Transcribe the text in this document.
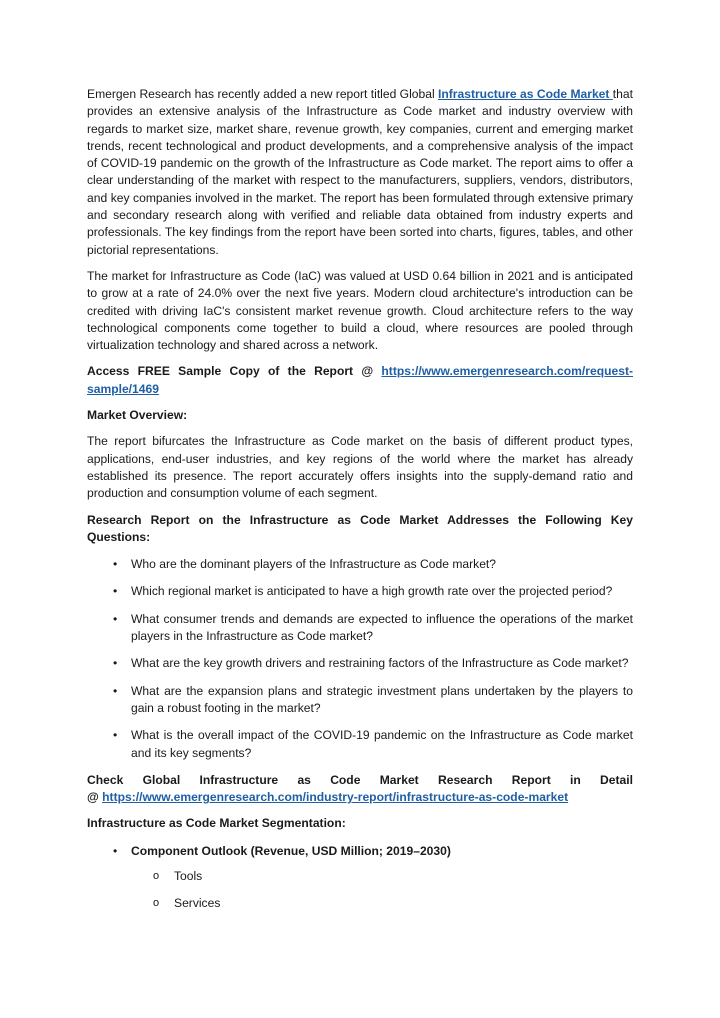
Emergen Research has recently added a new report titled Global Infrastructure as Code Market that provides an extensive analysis of the Infrastructure as Code market and industry overview with regards to market size, market share, revenue growth, key companies, current and emerging market trends, recent technological and product developments, and a comprehensive analysis of the impact of COVID-19 pandemic on the growth of the Infrastructure as Code market. The report aims to offer a clear understanding of the market with respect to the manufacturers, suppliers, vendors, distributors, and key companies involved in the market. The report has been formulated through extensive primary and secondary research along with verified and reliable data obtained from industry experts and professionals. The key findings from the report have been sorted into charts, figures, tables, and other pictorial representations.

The market for Infrastructure as Code (IaC) was valued at USD 0.64 billion in 2021 and is anticipated to grow at a rate of 24.0% over the next five years. Modern cloud architecture's introduction can be credited with driving IaC's consistent market revenue growth. Cloud architecture refers to the way technological components come together to build a cloud, where resources are pooled through virtualization technology and shared across a network.

Access FREE Sample Copy of the Report @ https://www.emergenresearch.com/request-
sample/1469

Market Overview:

The report bifurcates the Infrastructure as Code market on the basis of different product types, applications, end-user industries, and key regions of the world where the market has already established its presence. The report accurately offers insights into the supply-demand ratio and production and consumption volume of each segment.

Research Report on the Infrastructure as Code Market Addresses the Following Key Questions:

• Who are the dominant players of the Infrastructure as Code market?
• Which regional market is anticipated to have a high growth rate over the projected period?
• What consumer trends and demands are expected to influence the operations of the market players in the Infrastructure as Code market?
• What are the key growth drivers and restraining factors of the Infrastructure as Code market?
• What are the expansion plans and strategic investment plans undertaken by the players to gain a robust footing in the market?
• What is the overall impact of the COVID-19 pandemic on the Infrastructure as Code market and its key segments?

Check Global Infrastructure as Code Market Research Report in Detail
@ https://www.emergenresearch.com/industry-report/infrastructure-as-code-market

Infrastructure as Code Market Segmentation:

• Component Outlook (Revenue, USD Million; 2019–2030)
o Tools
o Services
